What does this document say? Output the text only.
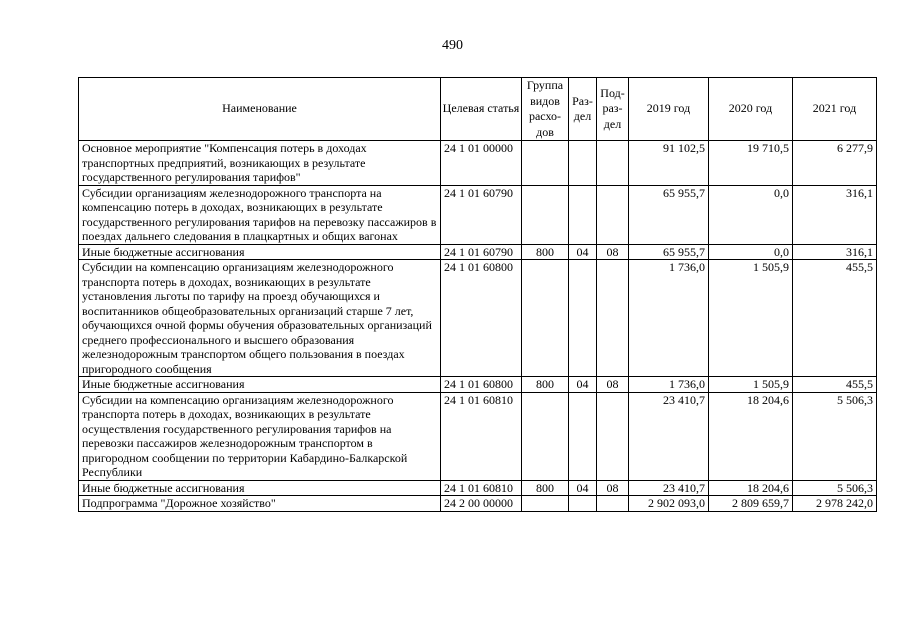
490
Наименование	Целевая статья	Группа видов расхо-дов	Раз-дел	Под-раз-дел	2019 год	2020 год	2021 год
Основное мероприятие "Компенсация потерь в доходах транспортных предприятий, возникающих в результате государственного регулирования тарифов"	24 1 01 00000				91 102,5	19 710,5	6 277,9
Субсидии организациям железнодорожного транспорта на компенсацию потерь в доходах, возникающих в результате государственного регулирования тарифов на перевозку пассажиров в поездах дальнего следования в плацкартных и общих вагонах	24 1 01 60790				65 955,7	0,0	316,1
Иные бюджетные ассигнования	24 1 01 60790	800	04	08	65 955,7	0,0	316,1
Субсидии на компенсацию организациям железнодорожного транспорта потерь в доходах, возникающих в результате установления льготы по тарифу на проезд обучающихся и воспитанников общеобразовательных организаций старше 7 лет, обучающихся очной формы обучения образовательных организаций среднего профессионального и высшего образования железнодорожным транспортом общего пользования в поездах пригородного сообщения	24 1 01 60800				1 736,0	1 505,9	455,5
Иные бюджетные ассигнования	24 1 01 60800	800	04	08	1 736,0	1 505,9	455,5
Субсидии на компенсацию организациям железнодорожного транспорта потерь в доходах, возникающих в результате осуществления государственного регулирования тарифов на перевозки пассажиров железнодорожным транспортом в пригородном сообщении по территории Кабардино-Балкарской Республики	24 1 01 60810				23 410,7	18 204,6	5 506,3
Иные бюджетные ассигнования	24 1 01 60810	800	04	08	23 410,7	18 204,6	5 506,3
Подпрограмма "Дорожное хозяйство"	24 2 00 00000				2 902 093,0	2 809 659,7	2 978 242,0
